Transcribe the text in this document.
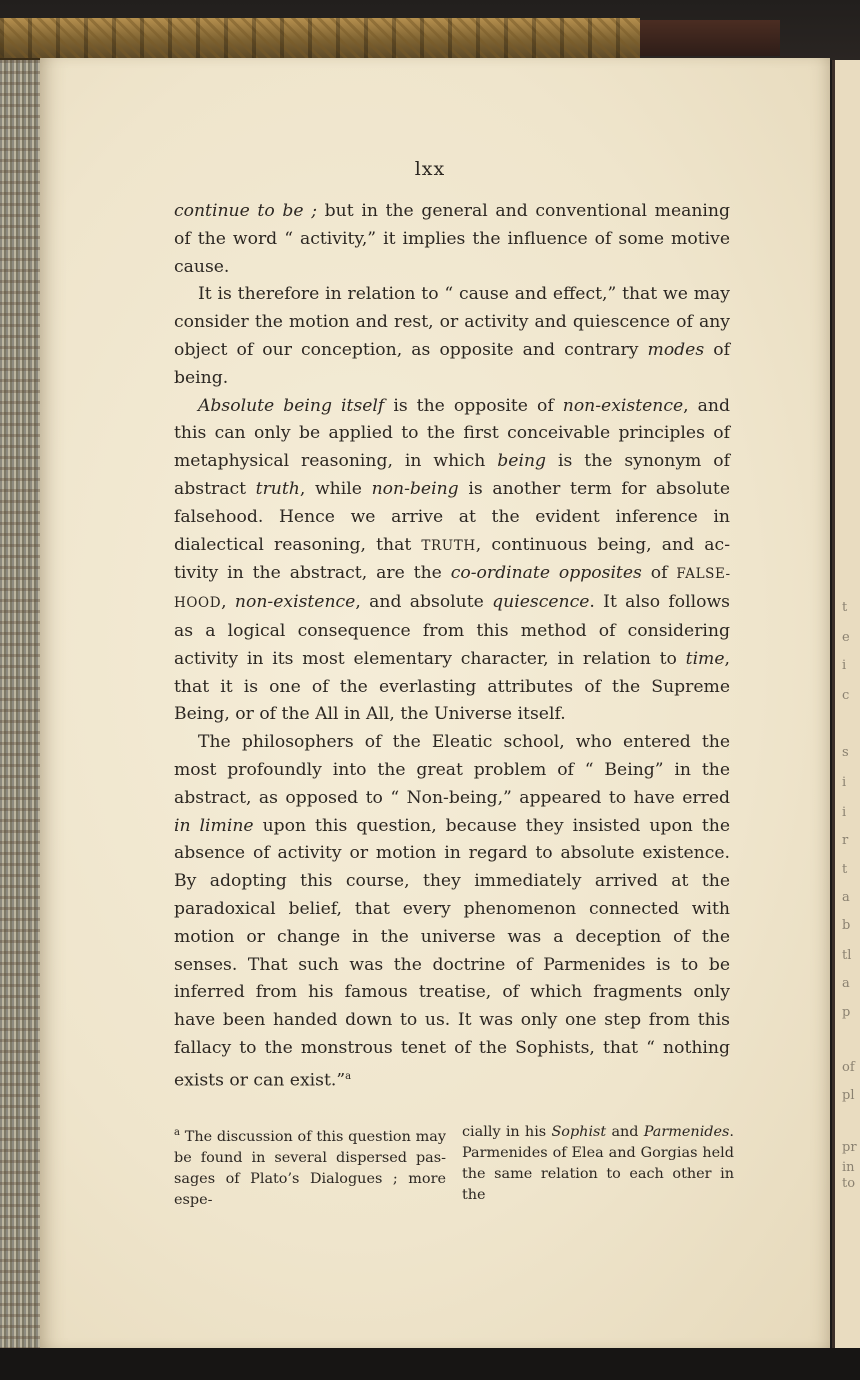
t
e
i
c
s
i
i
r
t
a
b
tl
a
p
of
pl
pr
in
to
lxx

continue to be ; but in the general and conventional meaning of the word “ activity,” it implies the influence of some motive cause.

It is therefore in relation to “ cause and effect,” that we may consider the motion and rest, or activity and quiescence of any object of our conception, as opposite and contrary modes of being.

Absolute being itself is the opposite of non-existence, and this can only be applied to the first conceivable principles of metaphysical reasoning, in which being is the synonym of abstract truth, while non-being is another term for absolute falsehood. Hence we arrive at the evident inference in dialectical reasoning, that TRUTH, continuous being, and activity in the abstract, are the co-ordinate opposites of FALSEHOOD, non-existence, and absolute quiescence. It also follows as a logical consequence from this method of considering activity in its most elementary character, in relation to time, that it is one of the everlasting attributes of the Supreme Being, or of the All in All, the Universe itself.

The philosophers of the Eleatic school, who entered the most profoundly into the great problem of “ Being” in the abstract, as opposed to “ Non-being,” appeared to have erred in limine upon this question, because they insisted upon the absence of activity or motion in regard to absolute existence. By adopting this course, they immediately arrived at the paradoxical belief, that every phenomenon connected with motion or change in the universe was a deception of the senses. That such was the doctrine of Parmenides is to be inferred from his famous treatise, of which fragments only have been handed down to us. It was only one step from this fallacy to the monstrous tenet of the Sophists, that “ nothing exists or can exist.”$^a$

$^a$ The discussion of this question may be found in several dispersed passages of Plato’s Dialogues ; more espe-
cially in his Sophist and Parmenides. Parmenides of Elea and Gorgias held the same relation to each other in the
